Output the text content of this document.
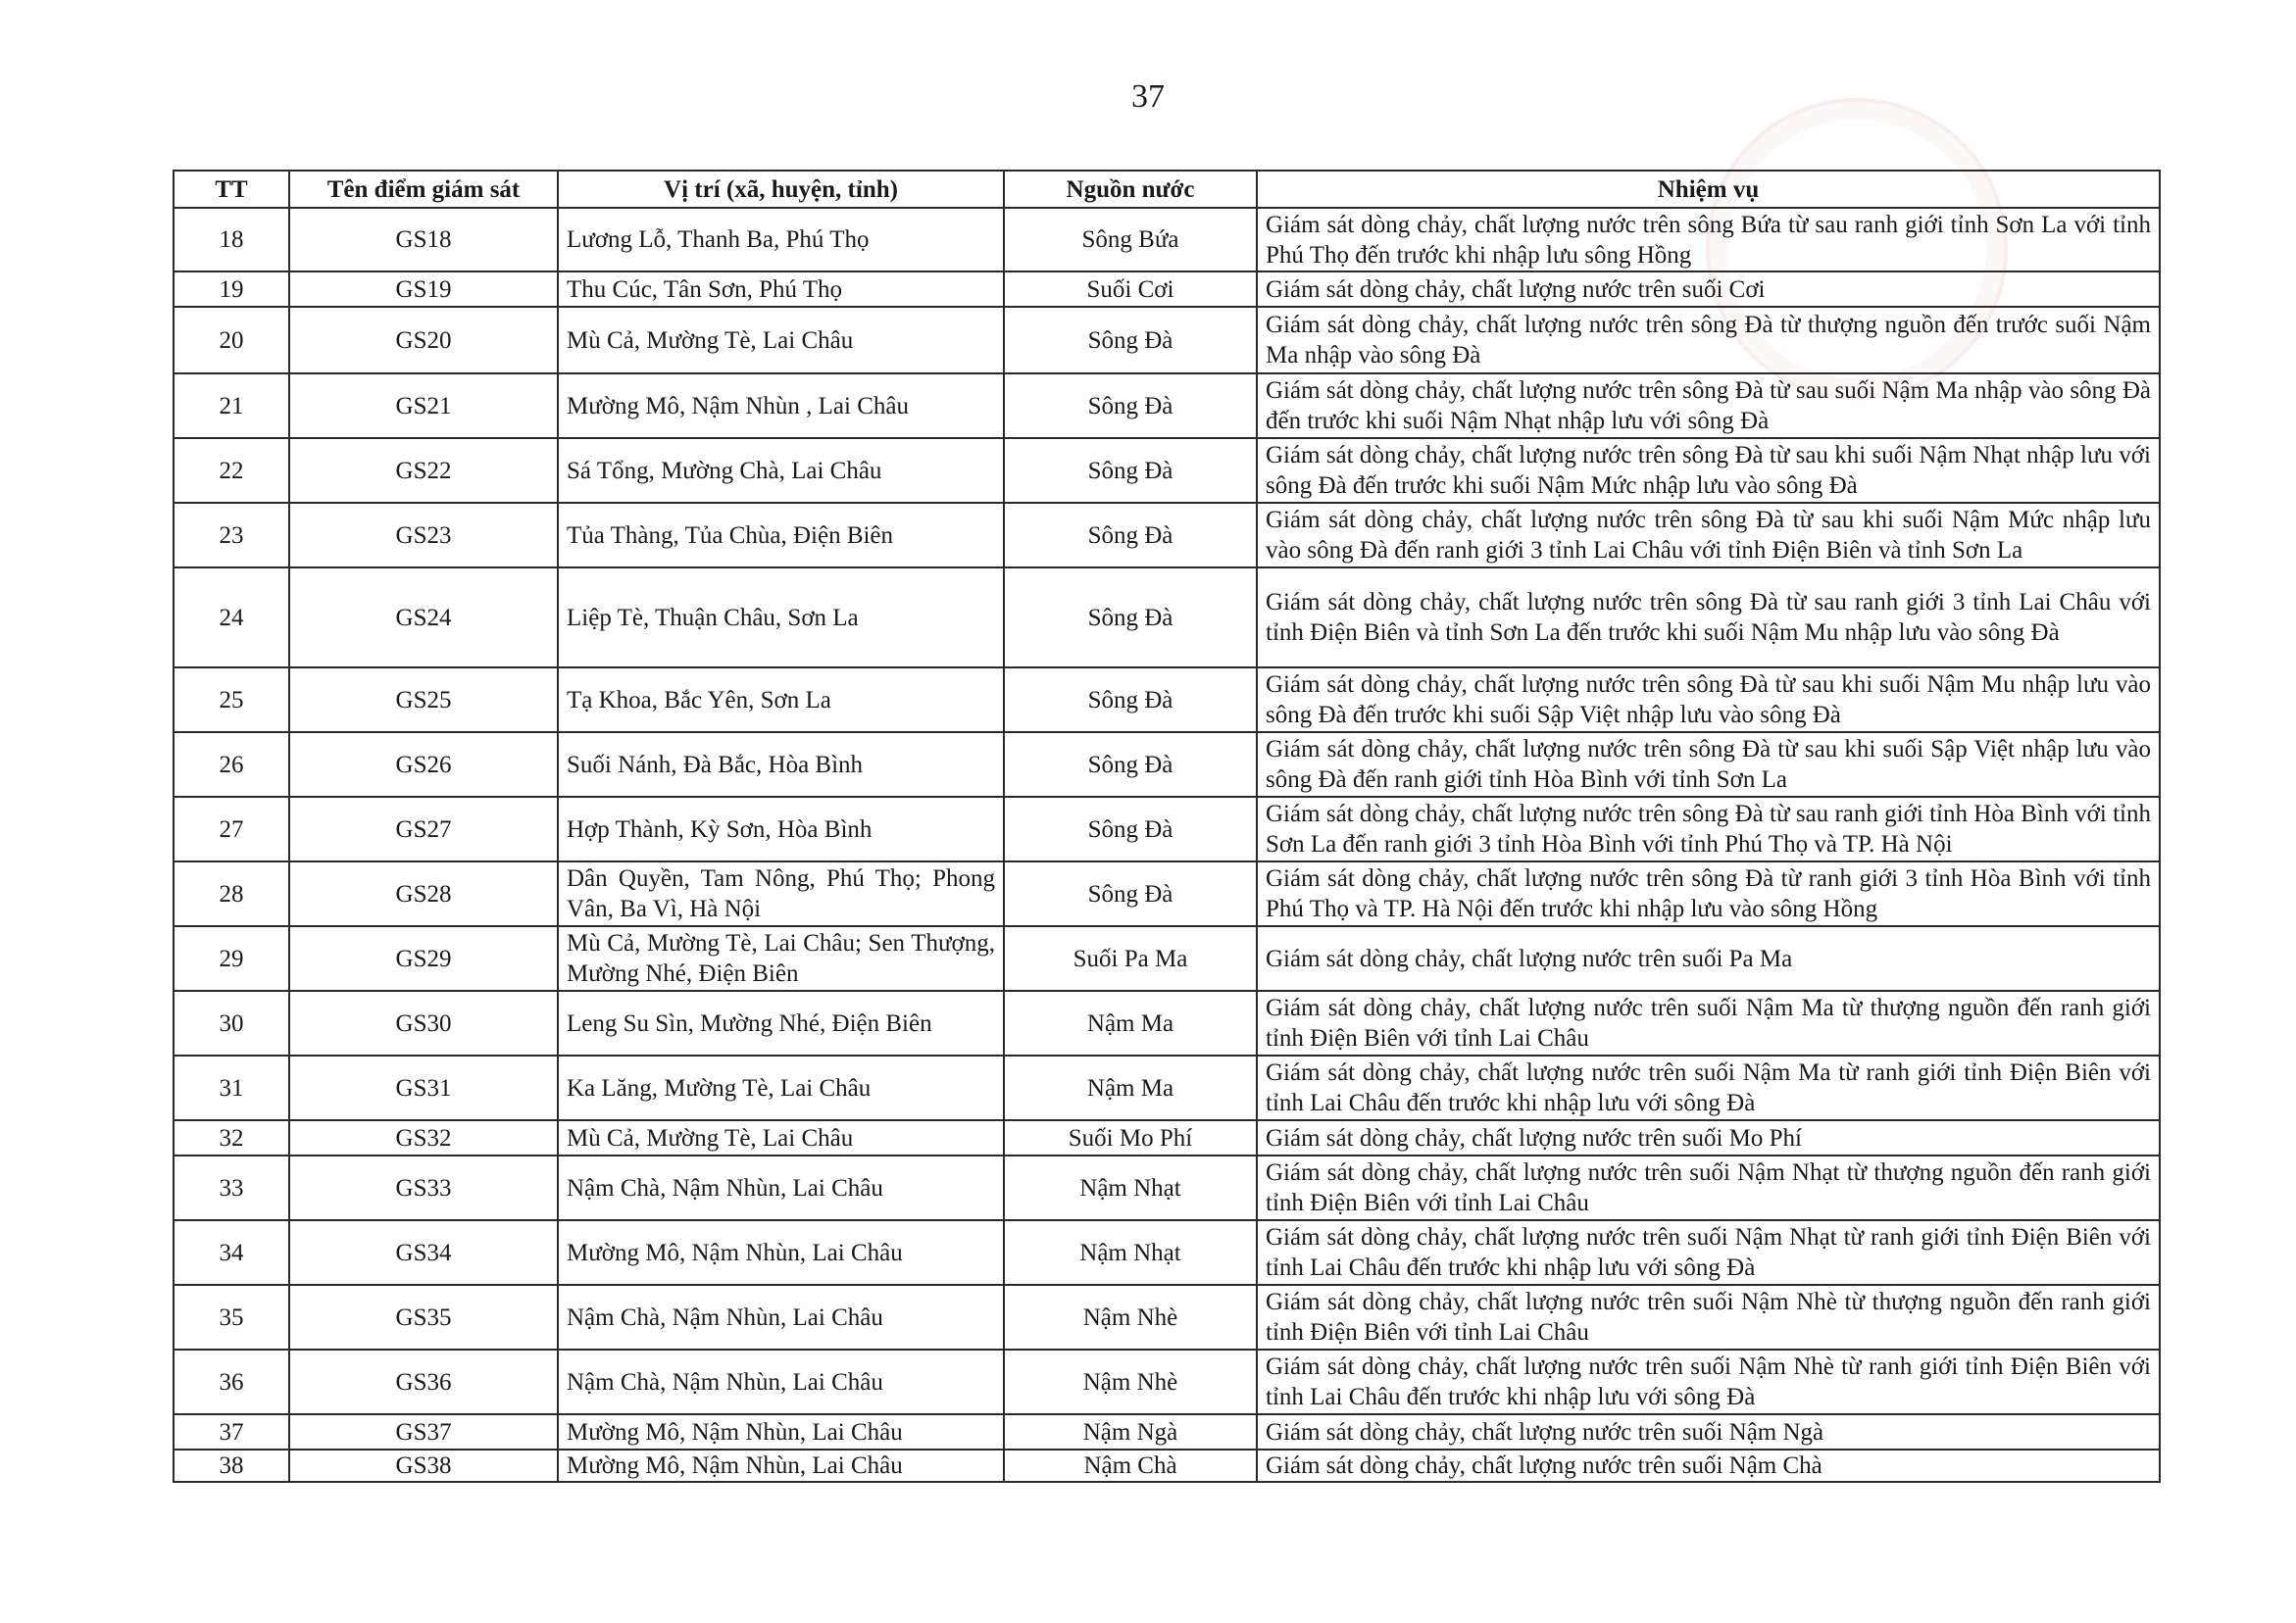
37
TT	Tên điểm giám sát	Vị trí (xã, huyện, tỉnh)	Nguồn nước	Nhiệm vụ
18	GS18	Lương Lỗ, Thanh Ba, Phú Thọ	Sông Bứa	Giám sát dòng chảy, chất lượng nước trên sông Bứa từ sau ranh giới tỉnh Sơn La với tỉnh Phú Thọ đến trước khi nhập lưu sông Hồng
19	GS19	Thu Cúc, Tân Sơn, Phú Thọ	Suối Cơi	Giám sát dòng chảy, chất lượng nước trên suối Cơi
20	GS20	Mù Cả, Mường Tè, Lai Châu	Sông Đà	Giám sát dòng chảy, chất lượng nước trên sông Đà từ thượng nguồn đến trước suối Nậm Ma nhập vào sông Đà
21	GS21	Mường Mô, Nậm Nhùn , Lai Châu	Sông Đà	Giám sát dòng chảy, chất lượng nước trên sông Đà từ sau suối Nậm Ma nhập vào sông Đà đến trước khi suối Nậm Nhạt nhập lưu với sông Đà
22	GS22	Sá Tổng, Mường Chà, Lai Châu	Sông Đà	Giám sát dòng chảy, chất lượng nước trên sông Đà từ sau khi suối Nậm Nhạt nhập lưu với sông Đà đến trước khi suối Nậm Mức nhập lưu vào sông Đà
23	GS23	Tủa Thàng, Tủa Chùa, Điện Biên	Sông Đà	Giám sát dòng chảy, chất lượng nước trên sông Đà từ sau khi suối Nậm Mức nhập lưu vào sông Đà đến ranh giới 3 tỉnh Lai Châu với tỉnh Điện Biên và tỉnh Sơn La
24	GS24	Liệp Tè, Thuận Châu, Sơn La	Sông Đà	Giám sát dòng chảy, chất lượng nước trên sông Đà từ sau ranh giới 3 tỉnh Lai Châu với tỉnh Điện Biên và tỉnh Sơn La đến trước khi suối Nậm Mu nhập lưu vào sông Đà
25	GS25	Tạ Khoa, Bắc Yên, Sơn La	Sông Đà	Giám sát dòng chảy, chất lượng nước trên sông Đà từ sau khi suối Nậm Mu nhập lưu vào sông Đà đến trước khi suối Sập Việt nhập lưu vào sông Đà
26	GS26	Suối Nánh, Đà Bắc, Hòa Bình	Sông Đà	Giám sát dòng chảy, chất lượng nước trên sông Đà từ sau khi suối Sập Việt nhập lưu vào sông Đà đến ranh giới tỉnh Hòa Bình với tỉnh Sơn La
27	GS27	Hợp Thành, Kỳ Sơn, Hòa Bình	Sông Đà	Giám sát dòng chảy, chất lượng nước trên sông Đà từ sau ranh giới tỉnh Hòa Bình với tỉnh Sơn La đến ranh giới 3 tỉnh Hòa Bình với tỉnh Phú Thọ và TP. Hà Nội
28	GS28	Dân Quyền, Tam Nông, Phú Thọ; Phong Vân, Ba Vì, Hà Nội	Sông Đà	Giám sát dòng chảy, chất lượng nước trên sông Đà từ ranh giới 3 tỉnh Hòa Bình với tỉnh Phú Thọ và TP. Hà Nội đến trước khi nhập lưu vào sông Hồng
29	GS29	Mù Cả, Mường Tè, Lai Châu; Sen Thượng, Mường Nhé, Điện Biên	Suối Pa Ma	Giám sát dòng chảy, chất lượng nước trên suối Pa Ma
30	GS30	Leng Su Sìn, Mường Nhé, Điện Biên	Nậm Ma	Giám sát dòng chảy, chất lượng nước trên suối Nậm Ma từ thượng nguồn đến ranh giới tỉnh Điện Biên với tỉnh Lai Châu
31	GS31	Ka Lăng, Mường Tè, Lai Châu	Nậm Ma	Giám sát dòng chảy, chất lượng nước trên suối Nậm Ma từ ranh giới tỉnh Điện Biên với tỉnh Lai Châu đến trước khi nhập lưu với sông Đà
32	GS32	Mù Cả, Mường Tè, Lai Châu	Suối Mo Phí	Giám sát dòng chảy, chất lượng nước trên suối Mo Phí
33	GS33	Nậm Chà, Nậm Nhùn, Lai Châu	Nậm Nhạt	Giám sát dòng chảy, chất lượng nước trên suối Nậm Nhạt từ thượng nguồn đến ranh giới tỉnh Điện Biên với tỉnh Lai Châu
34	GS34	Mường Mô, Nậm Nhùn, Lai Châu	Nậm Nhạt	Giám sát dòng chảy, chất lượng nước trên suối Nậm Nhạt từ ranh giới tỉnh Điện Biên với tỉnh Lai Châu đến trước khi nhập lưu với sông Đà
35	GS35	Nậm Chà, Nậm Nhùn, Lai Châu	Nậm Nhè	Giám sát dòng chảy, chất lượng nước trên suối Nậm Nhè từ thượng nguồn đến ranh giới tỉnh Điện Biên với tỉnh Lai Châu
36	GS36	Nậm Chà, Nậm Nhùn, Lai Châu	Nậm Nhè	Giám sát dòng chảy, chất lượng nước trên suối Nậm Nhè từ ranh giới tỉnh Điện Biên với tỉnh Lai Châu đến trước khi nhập lưu với sông Đà
37	GS37	Mường Mô, Nậm Nhùn, Lai Châu	Nậm Ngà	Giám sát dòng chảy, chất lượng nước trên suối Nậm Ngà
38	GS38	Mường Mô, Nậm Nhùn, Lai Châu	Nậm Chà	Giám sát dòng chảy, chất lượng nước trên suối Nậm Chà
